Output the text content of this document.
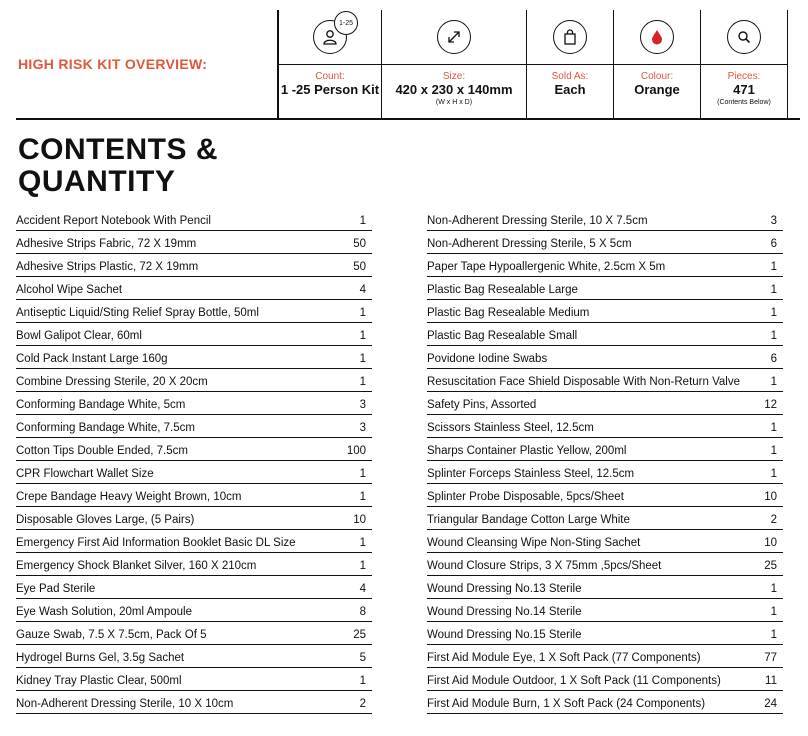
HIGH RISK KIT OVERVIEW:
1-25
Count:
1 -25 Person Kit
Size:
420 x 230 x 140mm
(W x H x D)
Sold As:
Each
Colour:
Orange
Pieces:
471
(Contents Below)
CONTENTS &
QUANTITY
Accident Report Notebook With Pencil	1
Adhesive Strips Fabric, 72 X 19mm	50
Adhesive Strips Plastic, 72 X 19mm	50
Alcohol Wipe Sachet	4
Antiseptic Liquid/Sting Relief Spray Bottle, 50ml	1
Bowl Galipot Clear, 60ml	1
Cold Pack Instant Large 160g	1
Combine Dressing Sterile, 20 X 20cm	1
Conforming Bandage White, 5cm	3
Conforming Bandage White, 7.5cm	3
Cotton Tips Double Ended, 7.5cm	100
CPR Flowchart Wallet Size	1
Crepe Bandage Heavy Weight Brown, 10cm	1
Disposable Gloves Large, (5 Pairs)	10
Emergency First Aid Information Booklet Basic DL Size	1
Emergency Shock Blanket Silver, 160 X 210cm	1
Eye Pad Sterile	4
Eye Wash Solution, 20ml Ampoule	8
Gauze Swab, 7.5 X 7.5cm, Pack Of 5	25
Hydrogel Burns Gel, 3.5g Sachet	5
Kidney Tray Plastic Clear, 500ml	1
Non-Adherent Dressing Sterile, 10 X 10cm	2
Non-Adherent Dressing Sterile, 10 X 7.5cm	3
Non-Adherent Dressing Sterile, 5 X 5cm	6
Paper Tape Hypoallergenic White, 2.5cm X 5m	1
Plastic Bag Resealable Large	1
Plastic Bag Resealable Medium	1
Plastic Bag Resealable Small	1
Povidone Iodine Swabs	6
Resuscitation Face Shield Disposable With Non-Return Valve	1
Safety Pins, Assorted	12
Scissors Stainless Steel, 12.5cm	1
Sharps Container Plastic Yellow, 200ml	1
Splinter Forceps Stainless Steel, 12.5cm	1
Splinter Probe Disposable, 5pcs/Sheet	10
Triangular Bandage Cotton Large White	2
Wound Cleansing Wipe Non-Sting Sachet	10
Wound Closure Strips, 3 X 75mm ,5pcs/Sheet	25
Wound Dressing No.13 Sterile	1
Wound Dressing No.14 Sterile	1
Wound Dressing No.15 Sterile	1
First Aid Module Eye, 1 X Soft Pack (77 Components)	77
First Aid Module Outdoor, 1 X Soft Pack (11 Components)	11
First Aid Module Burn, 1 X Soft Pack (24 Components)	24
